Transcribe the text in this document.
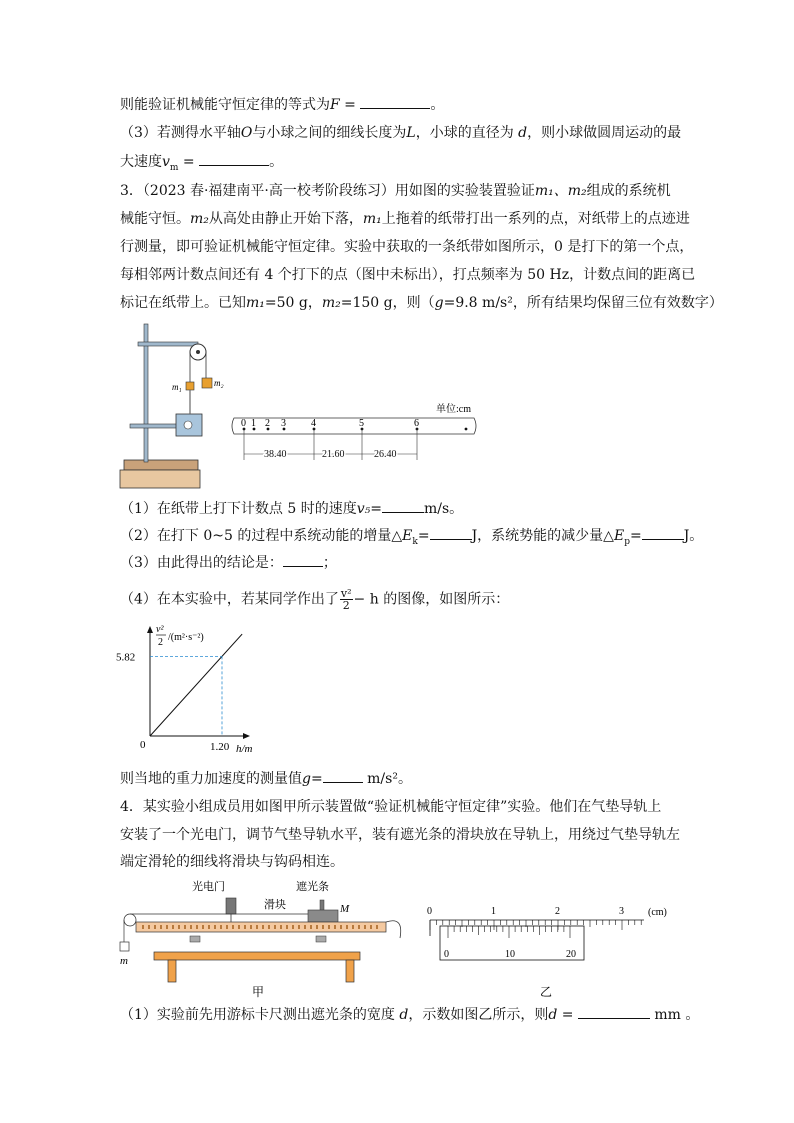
则能验证机械能守恒定律的等式为F =	。
（3）若测得水平轴O与小球之间的细线长度为L，小球的直径为 d，则小球做圆周运动的最
大速度$v_m$ =	。
3．（2023 春·福建南平·高一校考阶段练习）用如图的实验装置验证m₁、m₂组成的系统机
械能守恒。m₂从高处由静止开始下落，m₁上拖着的纸带打出一系列的点，对纸带上的点迹进
行测量，即可验证机械能守恒定律。实验中获取的一条纸带如图所示，0 是打下的第一个点，
每相邻两计数点间还有 4 个打下的点（图中未标出），打点频率为 50 Hz，计数点间的距离已
标记在纸带上。已知m₁=50 g，m₂=150 g，则（g=9.8 m/s²，所有结果均保留三位有效数字）
m₁	m₂
单位:cm
0 1 2 3	4	5	6
38.40	21.60	26.40
（1）在纸带上打下计数点 5 时的速度v₅=	m/s。
（2）在打下 0~5 的过程中系统动能的增量$\triangle E_k=$	J，系统势能的减少量$\triangle E_p=$	J。
（3）由此得出的结论是：	；
（4）在本实验中，若某同学作出了 $\frac{\text{v²}}{2} - h$ 的图像，如图所示：
v²
2 /(m²·s⁻²)
0	h/m
5.82
1.20
则当地的重力加速度的测量值g=	m/s²。
4．某实验小组成员用如图甲所示装置做“验证机械能守恒定律”实验。他们在气垫导轨上
安装了一个光电门，调节气垫导轨水平，装有遮光条的滑块放在导轨上，用绕过气垫导轨左
端定滑轮的细线将滑块与钩码相连。
光电门	遮光条
滑块	M
m
甲
0	1	2	3 (cm)
0	10	20
乙
（1）实验前先用游标卡尺测出遮光条的宽度 d，示数如图乙所示，则d =	mm 。
